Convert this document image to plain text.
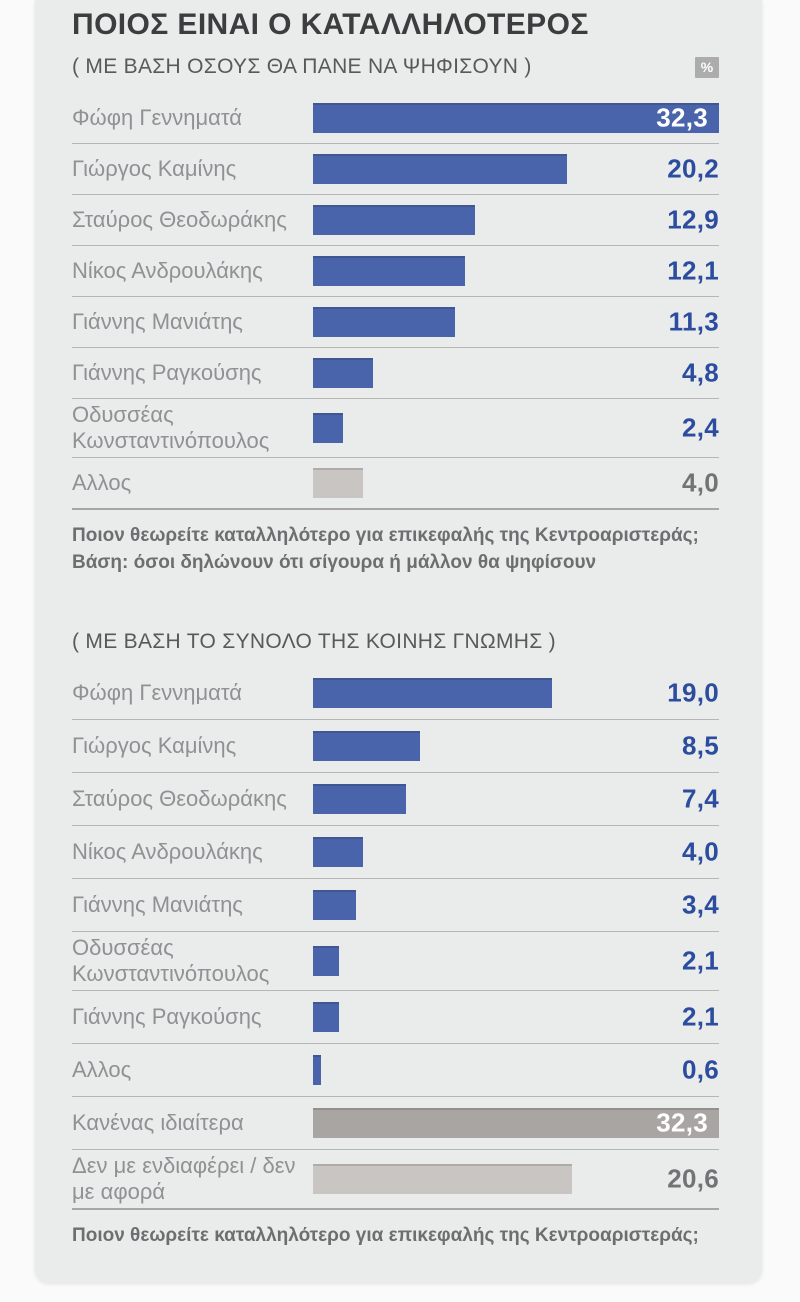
ΠΟΙΟΣ ΕΙΝΑΙ Ο ΚΑΤΑΛΛΗΛΟΤΕΡΟΣ
( ΜΕ ΒΑΣΗ ΟΣΟΥΣ ΘΑ ΠΑΝΕ ΝΑ ΨΗΦΙΣΟΥΝ )	%
Φώφη Γεννηματά	32,3
Γιώργος Καμίνης	20,2
Σταύρος Θεοδωράκης	12,9
Νίκος Ανδρουλάκης	12,1
Γιάννης Μανιάτης	11,3
Γιάννης Ραγκούσης	4,8
Οδυσσέας Κωνσταντινόπουλος	2,4
Αλλος	4,0
Ποιον θεωρείτε καταλληλότερο για επικεφαλής της Κεντροαριστεράς;
Βάση: όσοι δηλώνουν ότι σίγουρα ή μάλλον θα ψηφίσουν
( ΜΕ ΒΑΣΗ ΤΟ ΣΥΝΟΛΟ ΤΗΣ ΚΟΙΝΗΣ ΓΝΩΜΗΣ )
Φώφη Γεννηματά	19,0
Γιώργος Καμίνης	8,5
Σταύρος Θεοδωράκης	7,4
Νίκος Ανδρουλάκης	4,0
Γιάννης Μανιάτης	3,4
Οδυσσέας Κωνσταντινόπουλος	2,1
Γιάννης Ραγκούσης	2,1
Αλλος	0,6
Κανένας ιδιαίτερα	32,3
Δεν με ενδιαφέρει / δεν με αφορά	20,6
Ποιον θεωρείτε καταλληλότερο για επικεφαλής της Κεντροαριστεράς;
